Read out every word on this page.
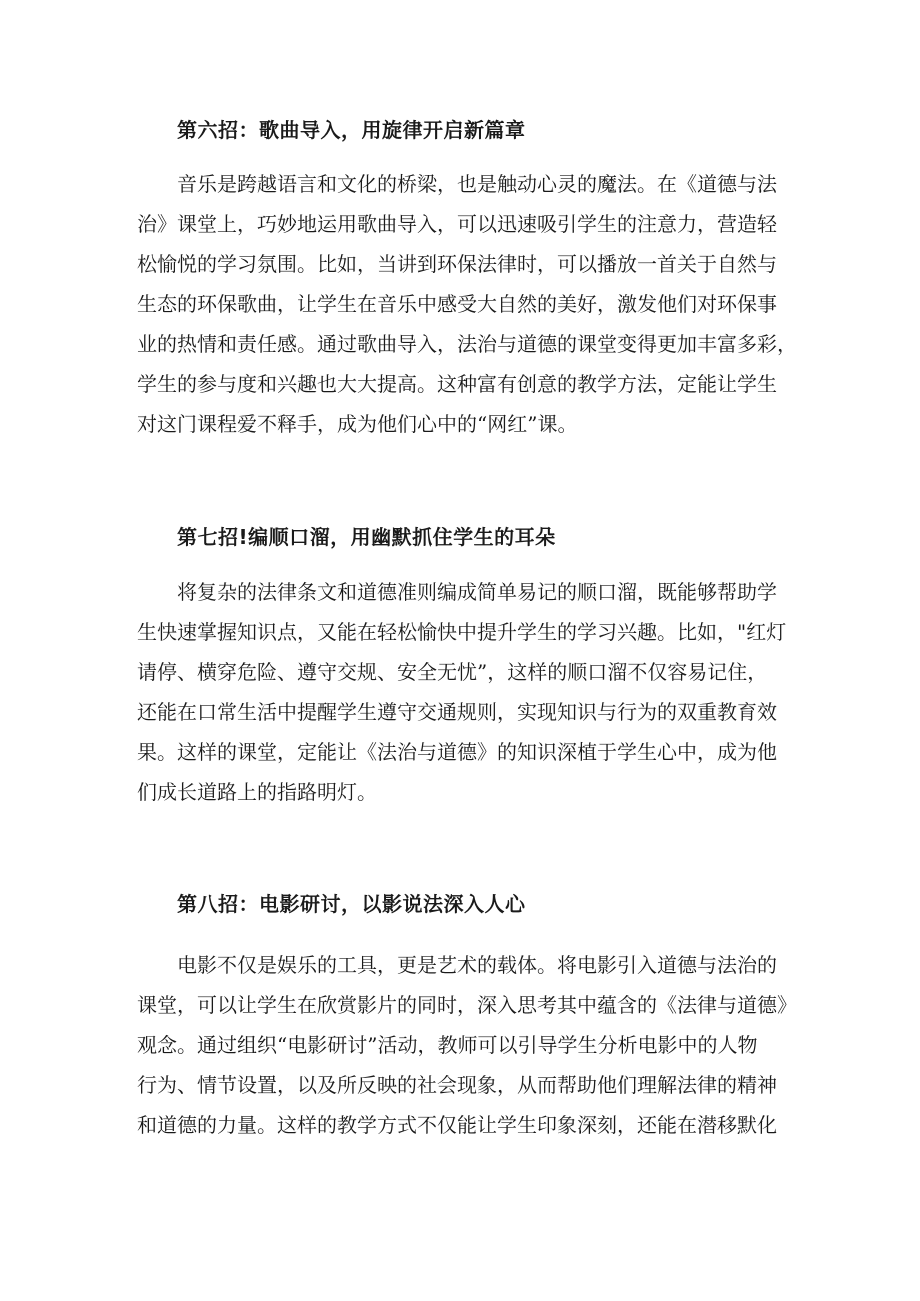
第六招：歌曲导入，用旋律开启新篇章
音乐是跨越语言和文化的桥梁，也是触动心灵的魔法。在《道德与法
治》课堂上，巧妙地运用歌曲导入，可以迅速吸引学生的注意力，营造轻
松愉悦的学习氛围。比如，当讲到环保法律时，可以播放一首关于自然与
生态的环保歌曲，让学生在音乐中感受大自然的美好，激发他们对环保事
业的热情和责任感。通过歌曲导入，法治与道德的课堂变得更加丰富多彩，
学生的参与度和兴趣也大大提高。这种富有创意的教学方法，定能让学生
对这门课程爱不释手，成为他们心中的“网红”课。
第七招!编顺口溜，用幽默抓住学生的耳朵
将复杂的法律条文和道德准则编成简单易记的顺口溜，既能够帮助学
生快速掌握知识点，又能在轻松愉快中提升学生的学习兴趣。比如，"红灯
请停、横穿危险、遵守交规、安全无忧”，这样的顺口溜不仅容易记住，
还能在口常生活中提醒学生遵守交通规则，实现知识与行为的双重教育效
果。这样的课堂，定能让《法治与道德》的知识深植于学生心中，成为他
们成长道路上的指路明灯。
第八招：电影研讨，以影说法深入人心
电影不仅是娱乐的工具，更是艺术的载体。将电影引入道德与法治的
课堂，可以让学生在欣赏影片的同时，深入思考其中蕴含的《法律与道德》
观念。通过组织“电影研讨”活动，教师可以引导学生分析电影中的人物
行为、情节设置，以及所反映的社会现象，从而帮助他们理解法律的精神
和道德的力量。这样的教学方式不仅能让学生印象深刻，还能在潜移默化
